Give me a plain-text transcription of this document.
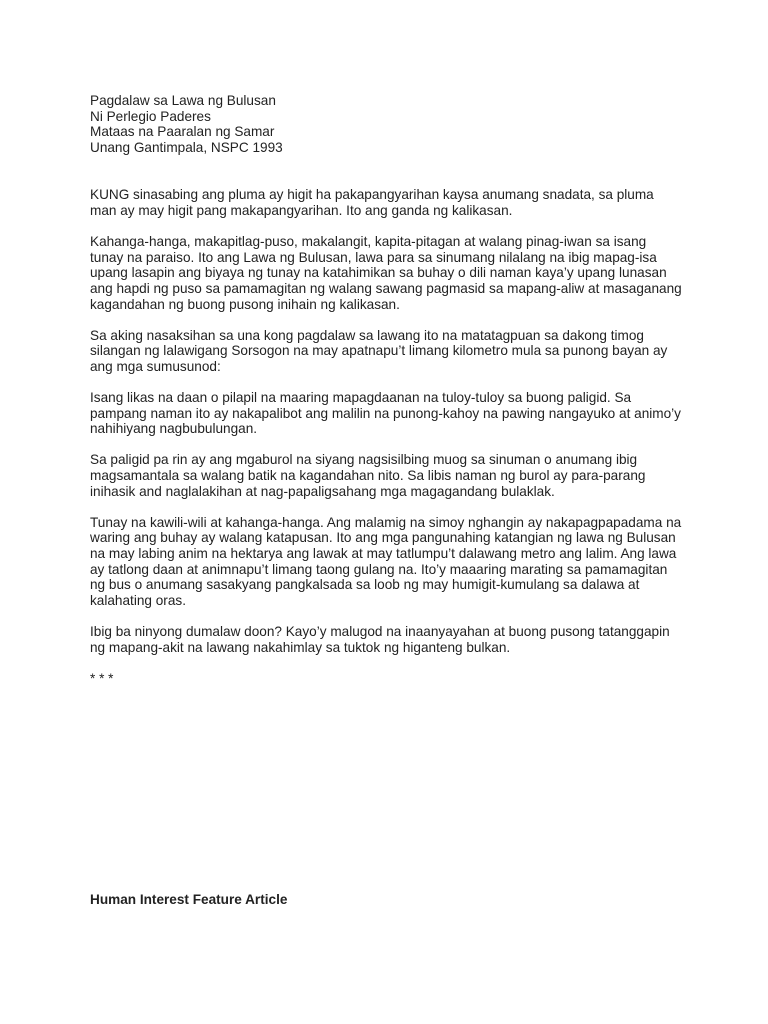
Pagdalaw sa Lawa ng Bulusan

Ni Perlegio Paderes

Mataas na Paaralan ng Samar

Unang Gantimpala, NSPC 1993

KUNG sinasabing ang pluma ay higit ha pakapangyarihan kaysa anumang snadata, sa pluma man ay may higit pang makapangyarihan. Ito ang ganda ng kalikasan.

Kahanga-hanga, makapitlag-puso, makalangit, kapita-pitagan at walang pinag-iwan sa isang tunay na paraiso. Ito ang Lawa ng Bulusan, lawa para sa sinumang nilalang na ibig mapag-isa upang lasapin ang biyaya ng tunay na katahimikan sa buhay o dili naman kaya’y upang lunasan ang hapdi ng puso sa pamamagitan ng walang sawang pagmasid sa mapang-aliw at masaganang kagandahan ng buong pusong inihain ng kalikasan.

Sa aking nasaksihan sa una kong pagdalaw sa lawang ito na matatagpuan sa dakong timog silangan ng lalawigang Sorsogon na may apatnapu’t limang kilometro mula sa punong bayan ay ang mga sumusunod:

Isang likas na daan o pilapil na maaring mapagdaanan na tuloy-tuloy sa buong paligid. Sa pampang naman ito ay nakapalibot ang malilin na punong-kahoy na pawing nangayuko at animo’y nahihiyang nagbubulungan.

Sa paligid pa rin ay ang mgaburol na siyang nagsisilbing muog sa sinuman o anumang ibig magsamantala sa walang batik na kagandahan nito. Sa libis naman ng burol ay para-parang inihasik and naglalakihan at nag-papaligsahang mga magagandang bulaklak.

Tunay na kawili-wili at kahanga-hanga. Ang malamig na simoy nghangin ay nakapagpapadama na waring ang buhay ay walang katapusan. Ito ang mga pangunahing katangian ng lawa ng Bulusan na may labing anim na hektarya ang lawak at may tatlumpu’t dalawang metro ang lalim. Ang lawa ay tatlong daan at animnapu’t limang taong gulang na. Ito’y maaaring marating sa pamamagitan ng bus o anumang sasakyang pangkalsada sa loob ng may humigit-kumulang sa dalawa at kalahating oras.

Ibig ba ninyong dumalaw doon? Kayo’y malugod na inaanyayahan at buong pusong tatanggapin ng mapang-akit na lawang nakahimlay sa tuktok ng higanteng bulkan.

* * *

Human Interest Feature Article
